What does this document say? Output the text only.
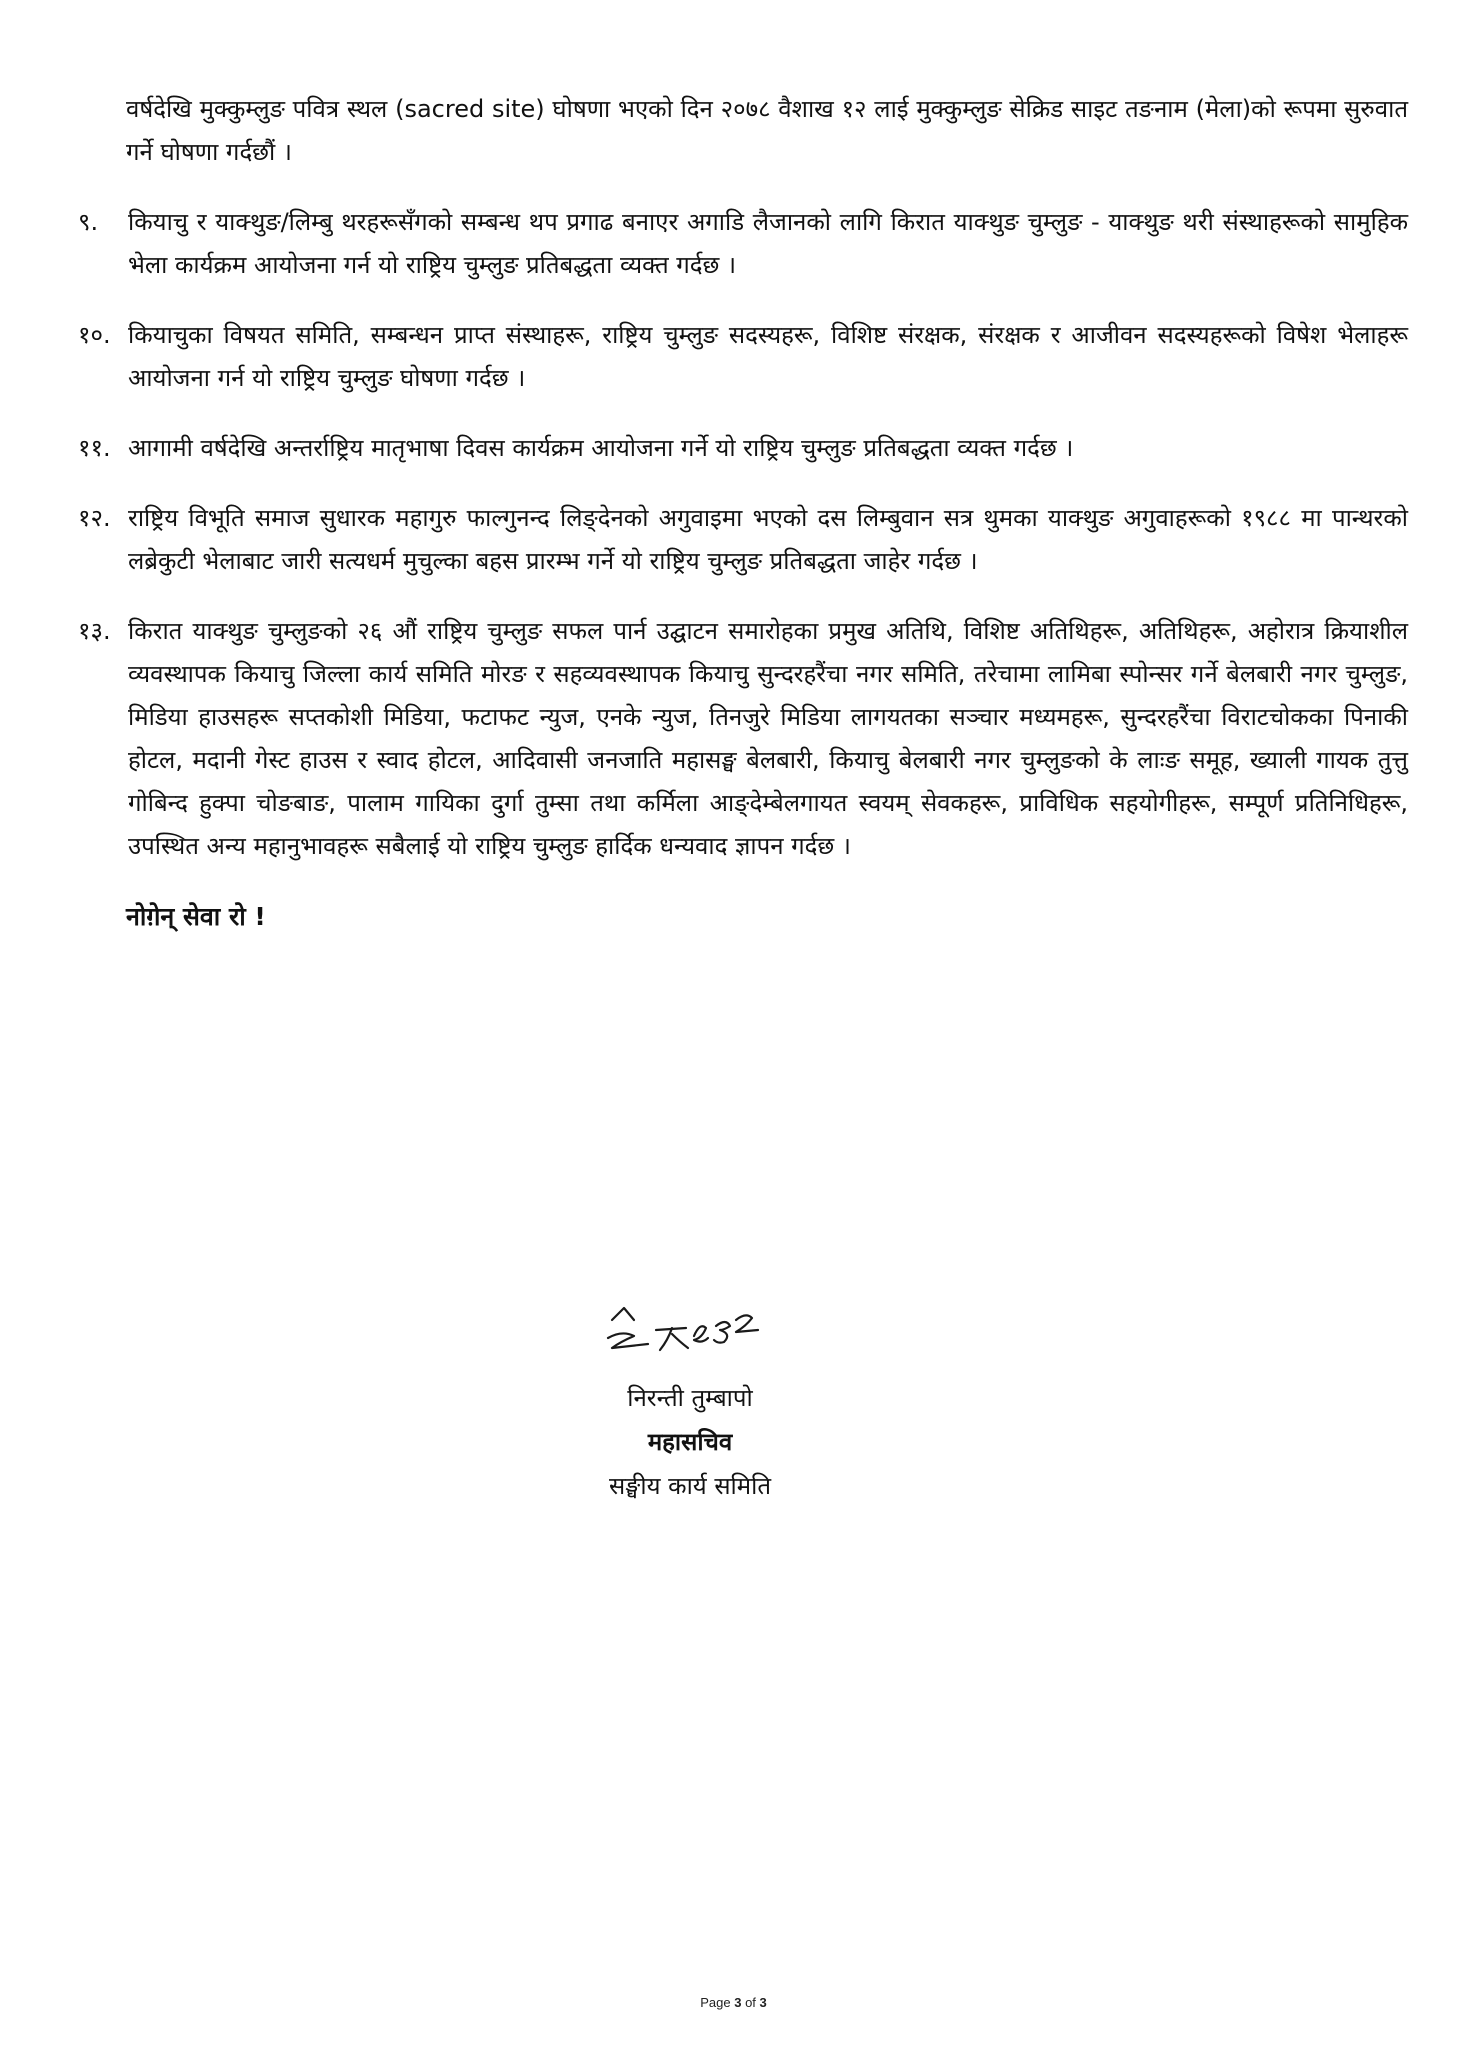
वर्षदेखि मुक्कुम्लुङ पवित्र स्थल (sacred site) घोषणा भएको दिन २०७८ वैशाख १२ लाई मुक्कुम्लुङ सेक्रिड साइट तङनाम (मेला)को रूपमा सुरुवात गर्ने घोषणा गर्दछौं ।

९.	कियाचु र याक्थुङ/लिम्बु थरहरूसँगको सम्बन्ध थप प्रगाढ बनाएर अगाडि लैजानको लागि किरात याक्थुङ चुम्लुङ - याक्थुङ थरी संस्थाहरूको सामुहिक भेला कार्यक्रम आयोजना गर्न यो राष्ट्रिय चुम्लुङ प्रतिबद्धता व्यक्त गर्दछ ।
१०. कियाचुका विषयत समिति, सम्बन्धन प्राप्त संस्थाहरू, राष्ट्रिय चुम्लुङ सदस्यहरू, विशिष्ट संरक्षक, संरक्षक र आजीवन सदस्यहरूको विषेश भेलाहरू आयोजना गर्न यो राष्ट्रिय चुम्लुङ घोषणा गर्दछ ।
११. आगामी वर्षदेखि अन्तर्राष्ट्रिय मातृभाषा दिवस कार्यक्रम आयोजना गर्ने यो राष्ट्रिय चुम्लुङ प्रतिबद्धता व्यक्त गर्दछ ।
१२. राष्ट्रिय विभूति समाज सुधारक महागुरु फाल्गुनन्द लिङ्देनको अगुवाइमा भएको दस लिम्बुवान सत्र थुमका याक्थुङ अगुवाहरूको १९८८ मा पान्थरको लब्रेकुटी भेलाबाट जारी सत्यधर्म मुचुल्का बहस प्रारम्भ गर्ने यो राष्ट्रिय चुम्लुङ प्रतिबद्धता जाहेर गर्दछ ।
१३. किरात याक्थुङ चुम्लुङको २६ औं राष्ट्रिय चुम्लुङ सफल पार्न उद्घाटन समारोहका प्रमुख अतिथि, विशिष्ट अतिथिहरू, अतिथिहरू, अहोरात्र क्रियाशील व्यवस्थापक कियाचु जिल्ला कार्य समिति मोरङ र सहव्यवस्थापक कियाचु सुन्दरहरैंचा नगर समिति, तरेचामा लामिबा स्पोन्सर गर्ने बेलबारी नगर चुम्लुङ, मिडिया हाउसहरू सप्तकोशी मिडिया, फटाफट न्युज, एनके न्युज, तिनजुरे मिडिया लागयतका सञ्चार मध्यमहरू, सुन्दरहरैंचा विराटचोकका पिनाकी होटल, मदानी गेस्ट हाउस र स्वाद होटल, आदिवासी जनजाति महासङ्घ बेलबारी, कियाचु बेलबारी नगर चुम्लुङको के लाःङ समूह, ख्याली गायक तुत्तु गोबिन्द हुक्पा चोङबाङ, पालाम गायिका दुर्गा तुम्सा तथा कर्मिला आङ्देम्बेलगायत स्वयम् सेवकहरू, प्राविधिक सहयोगीहरू, सम्पूर्ण प्रतिनिधिहरू, उपस्थित अन्य महानुभावहरू सबैलाई यो राष्ट्रिय चुम्लुङ हार्दिक धन्यवाद ज्ञापन गर्दछ ।
नोगे़न् सेवा रो !
निरन्ती तुम्बापो
महासचिव
सङ्घीय कार्य समिति
Page 3 of 3
